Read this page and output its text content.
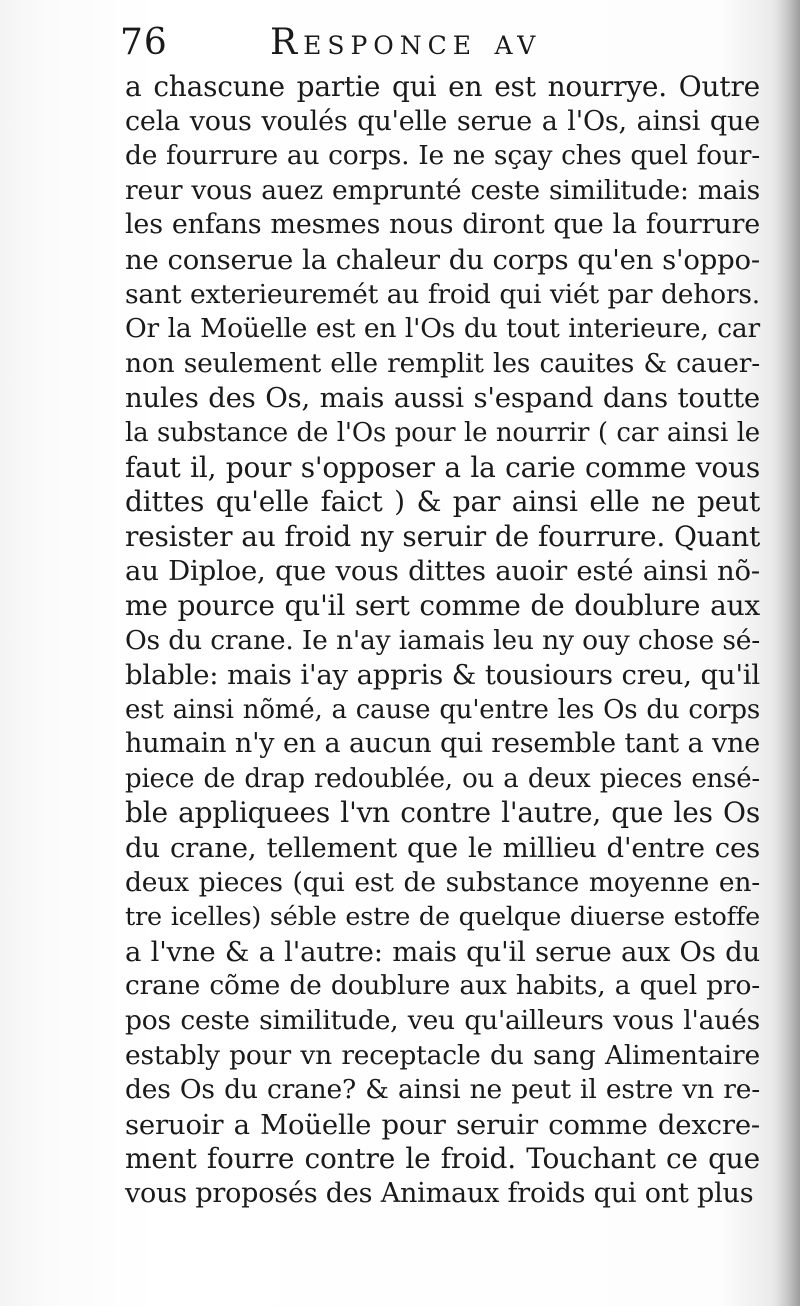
76	Responce av
a chascune partie qui en est nourrye. Outre
cela vous voulés qu'elle serue a l'Os, ainsi que
de fourrure au corps. Ie ne sçay ches quel four-
reur vous auez emprunté ceste similitude: mais
les enfans mesmes nous diront que la fourrure
ne conserue la chaleur du corps qu'en s'oppo-
sant exterieuremét au froid qui viét par dehors.
Or la Moüelle est en l'Os du tout interieure, car
non seulement elle remplit les cauites & cauer-
nules des Os, mais aussi s'espand dans toutte
la substance de l'Os pour le nourrir ( car ainsi le
faut il, pour s'opposer a la carie comme vous
dittes qu'elle faict ) & par ainsi elle ne peut
resister au froid ny seruir de fourrure. Quant
au Diploe, que vous dittes auoir esté ainsi nõ-
me pource qu'il sert comme de doublure aux
Os du crane. Ie n'ay iamais leu ny ouy chose sé-
blable: mais i'ay appris & tousiours creu, qu'il
est ainsi nõmé, a cause qu'entre les Os du corps
humain n'y en a aucun qui resemble tant a vne
piece de drap redoublée, ou a deux pieces ensé-
ble appliquees l'vn contre l'autre, que les Os
du crane, tellement que le millieu d'entre ces
deux pieces (qui est de substance moyenne en-
tre icelles) séble estre de quelque diuerse estoffe
a l'vne & a l'autre: mais qu'il serue aux Os du
crane cõme de doublure aux habits, a quel pro-
pos ceste similitude, veu qu'ailleurs vous l'aués
estably pour vn receptacle du sang Alimentaire
des Os du crane? & ainsi ne peut il estre vn re-
seruoir a Moüelle pour seruir comme dexcre-
ment fourre contre le froid. Touchant ce que
vous proposés des Animaux froids qui ont plus
